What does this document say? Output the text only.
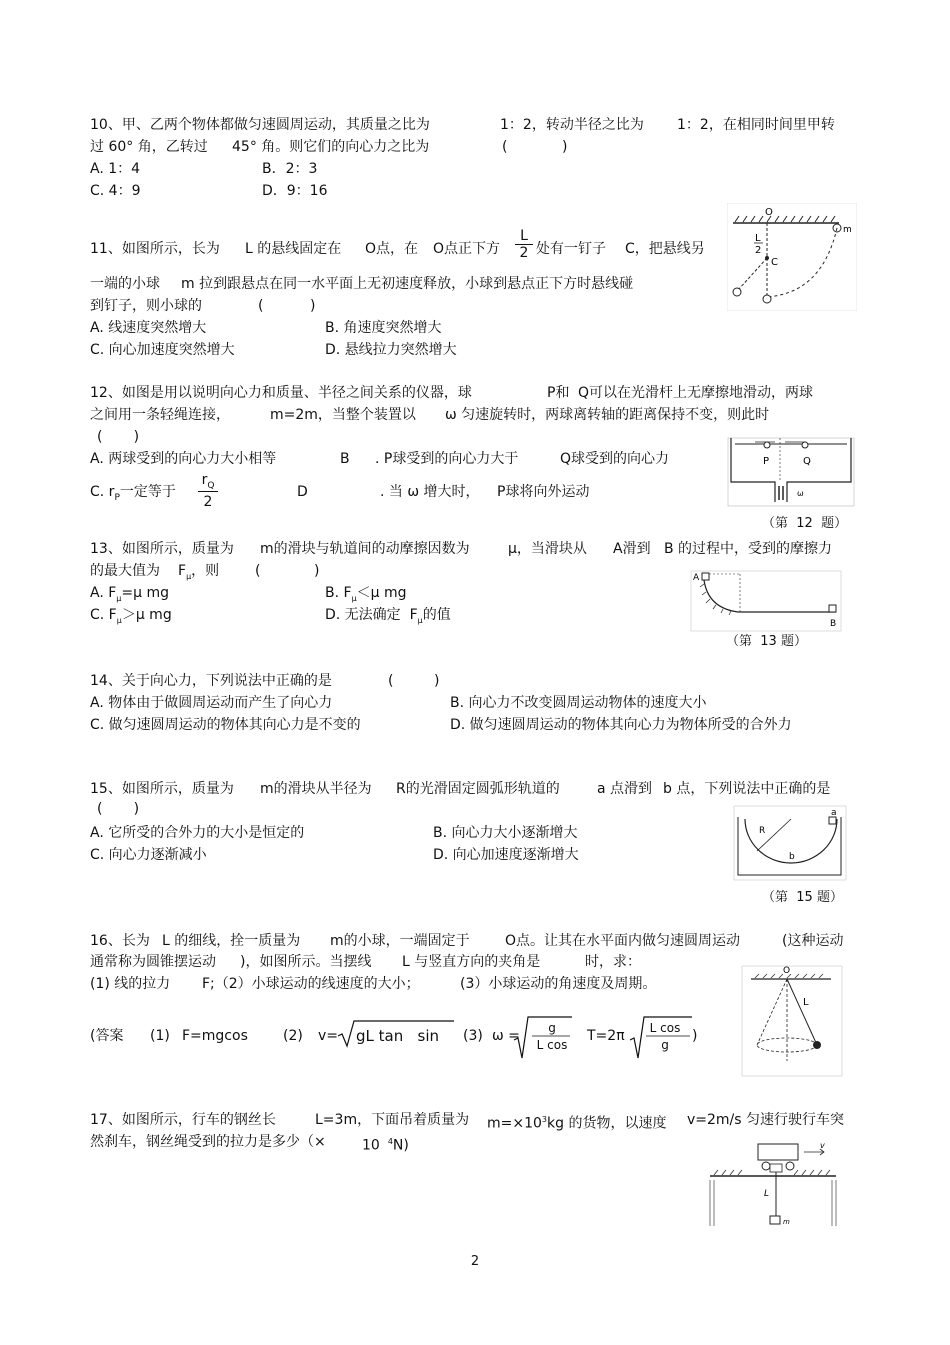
10、甲、乙两个物体都做匀速圆周运动，其质量之比为	1：2，转动半径之比为 1：2，在相同时间里甲转
过 60° 角，乙转过 45° 角。则它们的向心力之比为	(	)
A. 1：4	B．2：3
C. 4：9	D．9：16
11、如图所示，长为 L 的悬线固定在 O点，在 O点正下方 $\frac{L}{2}$ 处有一钉子 C，把悬线另
一端的小球 m 拉到跟悬点在同一水平面上无初速度释放，小球到悬点正下方时悬线碰
到钉子，则小球的	(	)
A. 线速度突然增大	B. 角速度突然增大
C. 向心加速度突然增大	D. 悬线拉力突然增大
m
O
L
2
C
12、如图是用以说明向心力和质量、半径之间关系的仪器，球	P和 Q可以在光滑杆上无摩擦地滑动，两球
之间用一条轻绳连接，	m=2m，当整个装置以 ω 匀速旋转时，两球离转轴的距离保持不变，则此时
(       )
A. 两球受到的向心力大小相等	B . P球受到的向心力大于	Q球受到的向心力
C. $r_P$一定等于 $\frac{r_Q}{2}$	D	. 当 ω 增大时， P球将向外运动
P	Q
ω
（第  12  题）
13、如图所示，质量为 m的滑块与轨道间的动摩擦因数为	μ，当滑块从 A滑到 B 的过程中，受到的摩擦力
的最大值为 $F_\mu$，则	(	)
A. $F_\mu=\mu$ mg	B. $F_\mu<\mu$ mg
C. $F_\mu>\mu$ mg	D. 无法确定  $F_\mu$的值
A
B
（第  13 题）
14、关于向心力，下列说法中正确的是	(	)
A. 物体由于做圆周运动而产生了向心力	B. 向心力不改变圆周运动物体的速度大小
C. 做匀速圆周运动的物体其向心力是不变的	D. 做匀速圆周运动的物体其向心力为物体所受的合外力
15、如图所示，质量为 m的滑块从半径为 R的光滑固定圆弧形轨道的	a 点滑到 b 点，下列说法中正确的是
(       )
A. 它所受的合外力的大小是恒定的	B. 向心力大小逐渐增大
C. 向心力逐渐减小	D. 向心加速度逐渐增大
R
a
b
（第  15 题）
16、长为 L 的细线，拴一质量为 m的小球，一端固定于	O点。让其在水平面内做匀速圆周运动	(这种运动
通常称为圆锥摆运动 )，如图所示。当摆线 L 与竖直方向的夹角是	时，求：
(1) 线的拉力 F;（2）小球运动的线速度的大小；	(3）小球运动的角速度及周期。
(答案 (1) F=mgcos	(2) v= gL tan   sin (3) ω =	g
L cos
T=2π	L cos
g
)
O
L
17、如图所示，行车的钢丝长	L=3m，下面吊着质量为 $m=\times 10^3kg$ 的货物，以速度 v=2m/s 匀速行驶行车突
然刹车，钢丝绳受到的拉力是多少（×	10 $^4$N)	v
L
m
2
